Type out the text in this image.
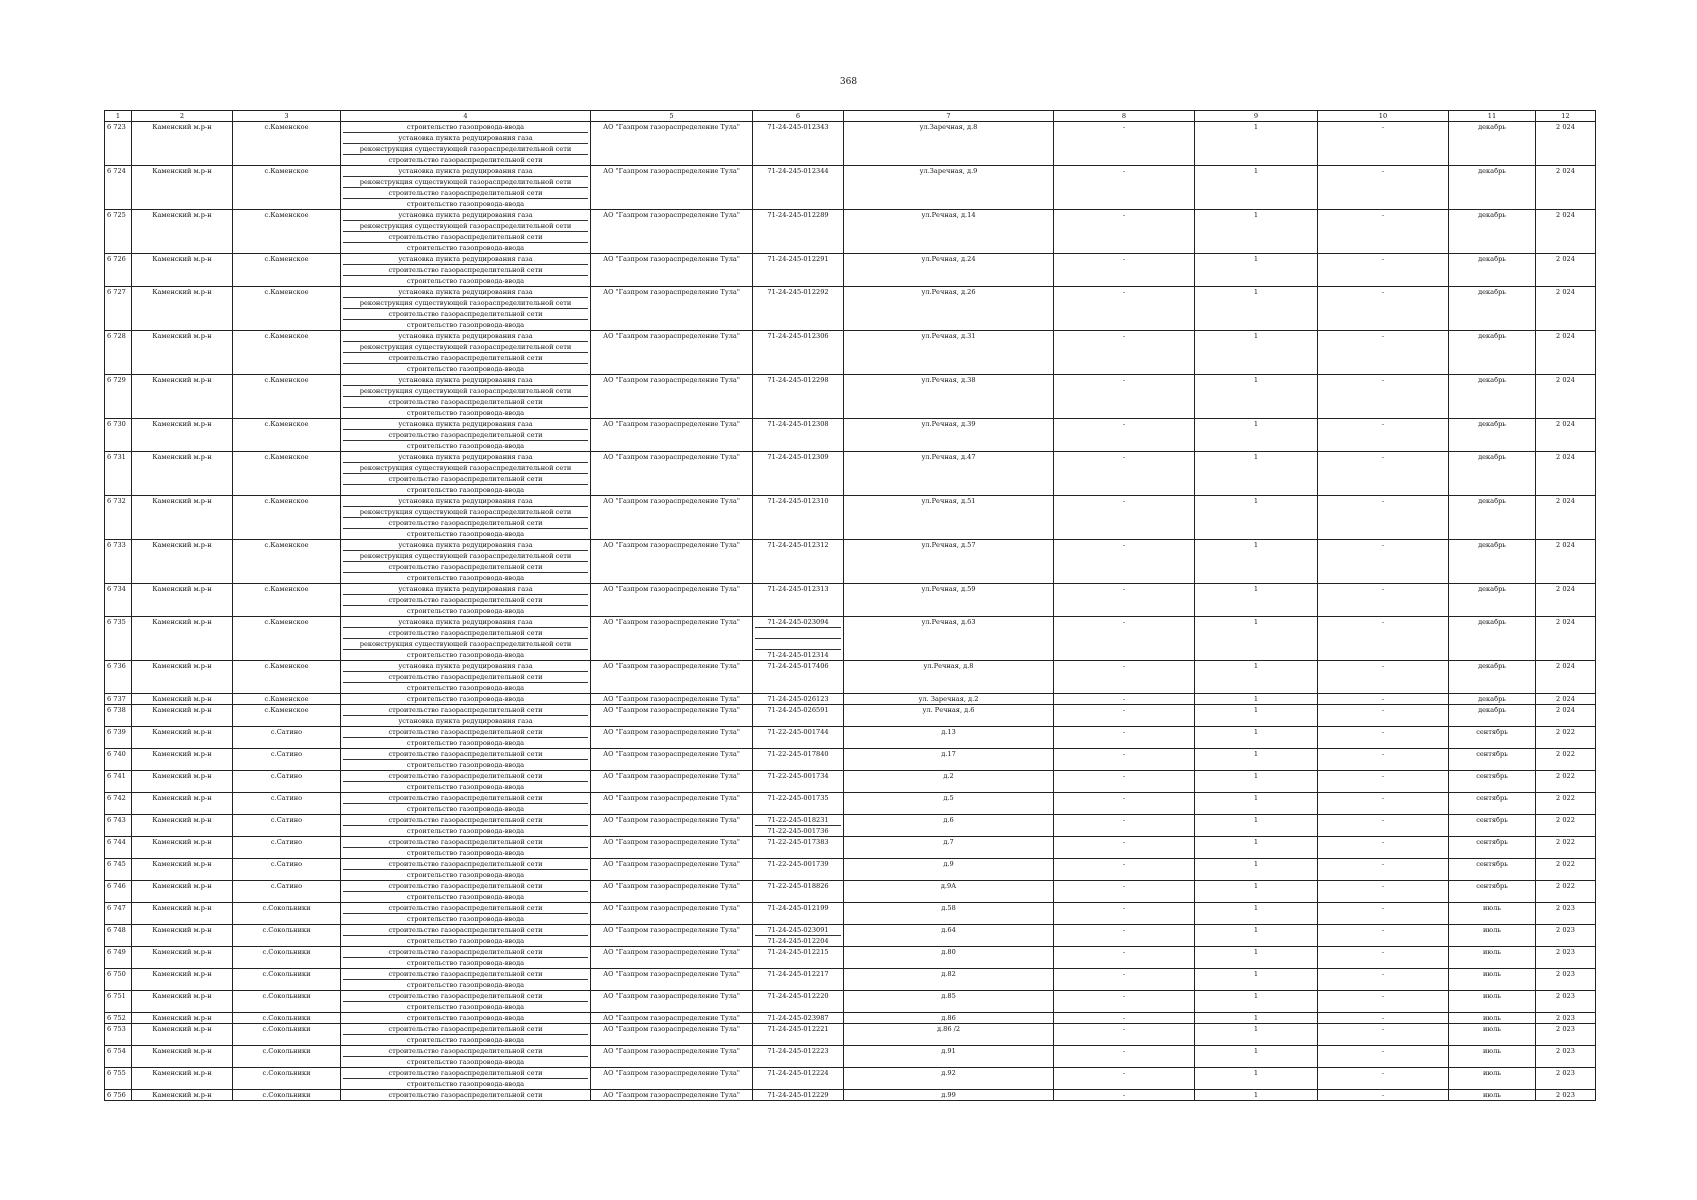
368
1	2	3	4	5	6	7	8	9	10	11	12
6 723	Каменский м.р-н	с.Каменское	строительство газопровода-ввода
установка пункта редуцирования газа
реконструкция существующей газораспределительной сети
строительство газораспределительной сети	АО "Газпром газораспределение Тула"	71-24-245-012343	ул.Заречная, д.8	-	1	-	декабрь	2 024
6 724	Каменский м.р-н	с.Каменское	установка пункта редуцирования газа
реконструкция существующей газораспределительной сети
строительство газораспределительной сети
строительство газопровода-ввода	АО "Газпром газораспределение Тула"	71-24-245-012344	ул.Заречная, д.9	-	1	-	декабрь	2 024
6 725	Каменский м.р-н	с.Каменское	установка пункта редуцирования газа
реконструкция существующей газораспределительной сети
строительство газораспределительной сети
строительство газопровода-ввода	АО "Газпром газораспределение Тула"	71-24-245-012289	ул.Речная, д.14	-	1	-	декабрь	2 024
6 726	Каменский м.р-н	с.Каменское	установка пункта редуцирования газа
строительство газораспределительной сети
строительство газопровода-ввода	АО "Газпром газораспределение Тула"	71-24-245-012291	ул.Речная, д.24	-	1	-	декабрь	2 024
6 727	Каменский м.р-н	с.Каменское	установка пункта редуцирования газа
реконструкция существующей газораспределительной сети
строительство газораспределительной сети
строительство газопровода-ввода	АО "Газпром газораспределение Тула"	71-24-245-012292	ул.Речная, д.26	-	1	-	декабрь	2 024
6 728	Каменский м.р-н	с.Каменское	установка пункта редуцирования газа
реконструкция существующей газораспределительной сети
строительство газораспределительной сети
строительство газопровода-ввода	АО "Газпром газораспределение Тула"	71-24-245-012306	ул.Речная, д.31	-	1	-	декабрь	2 024
6 729	Каменский м.р-н	с.Каменское	установка пункта редуцирования газа
реконструкция существующей газораспределительной сети
строительство газораспределительной сети
строительство газопровода-ввода	АО "Газпром газораспределение Тула"	71-24-245-012298	ул.Речная, д.38	-	1	-	декабрь	2 024
6 730	Каменский м.р-н	с.Каменское	установка пункта редуцирования газа
строительство газораспределительной сети
строительство газопровода-ввода	АО "Газпром газораспределение Тула"	71-24-245-012308	ул.Речная, д.39	-	1	-	декабрь	2 024
6 731	Каменский м.р-н	с.Каменское	установка пункта редуцирования газа
реконструкция существующей газораспределительной сети
строительство газораспределительной сети
строительство газопровода-ввода	АО "Газпром газораспределение Тула"	71-24-245-012309	ул.Речная, д.47	-	1	-	декабрь	2 024
6 732	Каменский м.р-н	с.Каменское	установка пункта редуцирования газа
реконструкция существующей газораспределительной сети
строительство газораспределительной сети
строительство газопровода-ввода	АО "Газпром газораспределение Тула"	71-24-245-012310	ул.Речная, д.51	-	1	-	декабрь	2 024
6 733	Каменский м.р-н	с.Каменское	установка пункта редуцирования газа
реконструкция существующей газораспределительной сети
строительство газораспределительной сети
строительство газопровода-ввода	АО "Газпром газораспределение Тула"	71-24-245-012312	ул.Речная, д.57	-	1	-	декабрь	2 024
6 734	Каменский м.р-н	с.Каменское	установка пункта редуцирования газа
строительство газораспределительной сети
строительство газопровода-ввода	АО "Газпром газораспределение Тула"	71-24-245-012313	ул.Речная, д.59	-	1	-	декабрь	2 024
6 735	Каменский м.р-н	с.Каменское	установка пункта редуцирования газа
строительство газораспределительной сети
реконструкция существующей газораспределительной сети
строительство газопровода-ввода	АО "Газпром газораспределение Тула"	71-24-245-023094
71-24-245-012314	ул.Речная, д.63	-	1	-	декабрь	2 024
6 736	Каменский м.р-н	с.Каменское	установка пункта редуцирования газа
строительство газораспределительной сети
строительство газопровода-ввода	АО "Газпром газораспределение Тула"	71-24-245-017406	ул.Речная, д.8	-	1	-	декабрь	2 024
6 737	Каменский м.р-н	с.Каменское	строительство газопровода-ввода	АО "Газпром газораспределение Тула"	71-24-245-026123	ул. Заречная, д.2	-	1	-	декабрь	2 024
6 738	Каменский м.р-н	с.Каменское	строительство газораспределительной сети
установка пункта редуцирования газа	АО "Газпром газораспределение Тула"	71-24-245-026591	ул. Речная, д.6	-	1	-	декабрь	2 024
6 739	Каменский м.р-н	с.Сатино	строительство газораспределительной сети
строительство газопровода-ввода	АО "Газпром газораспределение Тула"	71-22-245-001744	д.13	-	1	-	сентябрь	2 022
6 740	Каменский м.р-н	с.Сатино	строительство газораспределительной сети
строительство газопровода-ввода	АО "Газпром газораспределение Тула"	71-22-245-017840	д.17	-	1	-	сентябрь	2 022
6 741	Каменский м.р-н	с.Сатино	строительство газораспределительной сети
строительство газопровода-ввода	АО "Газпром газораспределение Тула"	71-22-245-001734	д.2	-	1	-	сентябрь	2 022
6 742	Каменский м.р-н	с.Сатино	строительство газораспределительной сети
строительство газопровода-ввода	АО "Газпром газораспределение Тула"	71-22-245-001735	д.5	-	1	-	сентябрь	2 022
6 743	Каменский м.р-н	с.Сатино	строительство газораспределительной сети
строительство газопровода-ввода	АО "Газпром газораспределение Тула"	71-22-245-018231
71-22-245-001736	д.6	-	1	-	сентябрь	2 022
6 744	Каменский м.р-н	с.Сатино	строительство газораспределительной сети
строительство газопровода-ввода	АО "Газпром газораспределение Тула"	71-22-245-017383	д.7	-	1	-	сентябрь	2 022
6 745	Каменский м.р-н	с.Сатино	строительство газораспределительной сети
строительство газопровода-ввода	АО "Газпром газораспределение Тула"	71-22-245-001739	д.9	-	1	-	сентябрь	2 022
6 746	Каменский м.р-н	с.Сатино	строительство газораспределительной сети
строительство газопровода-ввода	АО "Газпром газораспределение Тула"	71-22-245-018826	д.9А	-	1	-	сентябрь	2 022
6 747	Каменский м.р-н	с.Сокольники	строительство газораспределительной сети
строительство газопровода-ввода	АО "Газпром газораспределение Тула"	71-24-245-012199	д.58	-	1	-	июль	2 023
6 748	Каменский м.р-н	с.Сокольники	строительство газораспределительной сети
строительство газопровода-ввода	АО "Газпром газораспределение Тула"	71-24-245-023091
71-24-245-012204	д.64	-	1	-	июль	2 023
6 749	Каменский м.р-н	с.Сокольники	строительство газораспределительной сети
строительство газопровода-ввода	АО "Газпром газораспределение Тула"	71-24-245-012215	д.80	-	1	-	июль	2 023
6 750	Каменский м.р-н	с.Сокольники	строительство газораспределительной сети
строительство газопровода-ввода	АО "Газпром газораспределение Тула"	71-24-245-012217	д.82	-	1	-	июль	2 023
6 751	Каменский м.р-н	с.Сокольники	строительство газораспределительной сети
строительство газопровода-ввода	АО "Газпром газораспределение Тула"	71-24-245-012220	д.85	-	1	-	июль	2 023
6 752	Каменский м.р-н	с.Сокольники	строительство газопровода-ввода	АО "Газпром газораспределение Тула"	71-24-245-023987	д.86	-	1	-	июль	2 023
6 753	Каменский м.р-н	с.Сокольники	строительство газораспределительной сети
строительство газопровода-ввода	АО "Газпром газораспределение Тула"	71-24-245-012221	д.86 /2	-	1	-	июль	2 023
6 754	Каменский м.р-н	с.Сокольники	строительство газораспределительной сети
строительство газопровода-ввода	АО "Газпром газораспределение Тула"	71-24-245-012223	д.91	-	1	-	июль	2 023
6 755	Каменский м.р-н	с.Сокольники	строительство газораспределительной сети
строительство газопровода-ввода	АО "Газпром газораспределение Тула"	71-24-245-012224	д.92	-	1	-	июль	2 023
6 756	Каменский м.р-н	с.Сокольники	строительство газораспределительной сети	АО "Газпром газораспределение Тула"	71-24-245-012229	д.99	-	1	-	июль	2 023
